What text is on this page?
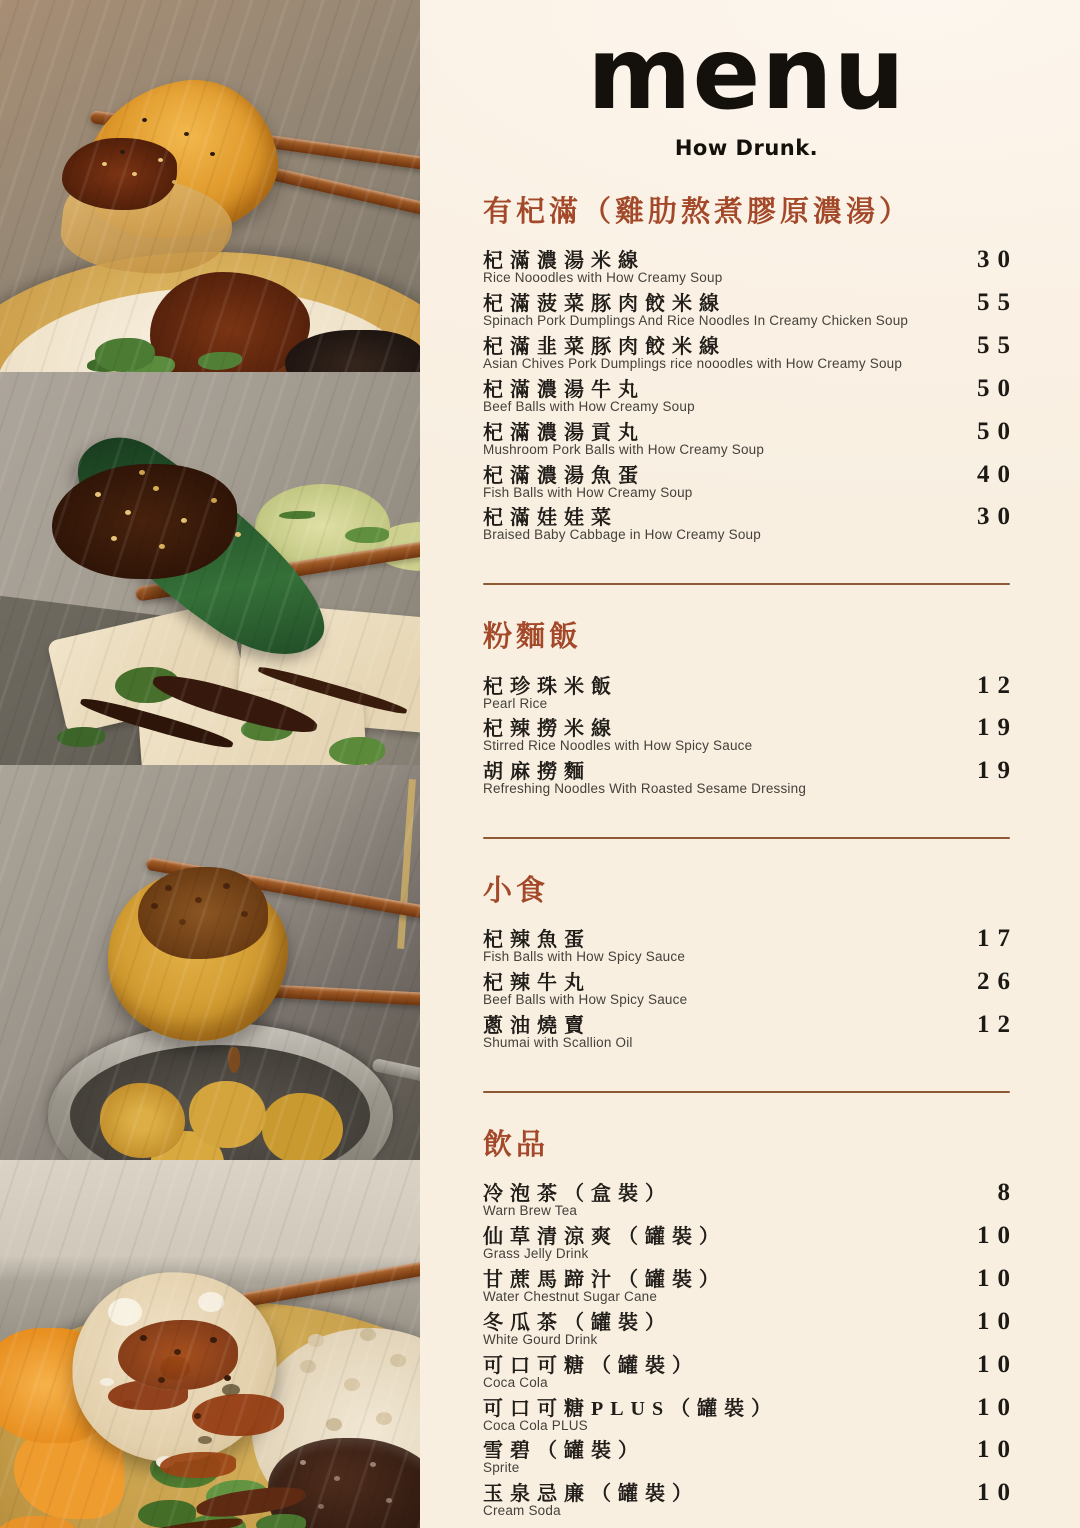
menu
How Drunk.
有杞滿（雞肋熬煮膠原濃湯）
杞滿濃湯米線	30
Rice Nooodles with How Creamy Soup
杞滿菠菜豚肉餃米線	55
Spinach Pork Dumplings And Rice Noodles In Creamy Chicken Soup
杞滿韭菜豚肉餃米線	55
Asian Chives Pork Dumplings rice nooodles with How Creamy Soup
杞滿濃湯牛丸	50
Beef Balls with How Creamy Soup
杞滿濃湯貢丸	50
Mushroom Pork Balls with How Creamy Soup
杞滿濃湯魚蛋	40
Fish Balls with How Creamy Soup
杞滿娃娃菜	30
Braised Baby Cabbage in How Creamy Soup
粉麵飯
杞珍珠米飯	12
Pearl Rice
杞辣撈米線	19
Stirred Rice Noodles with How Spicy Sauce
胡麻撈麵	19
Refreshing Noodles With Roasted Sesame Dressing
小食
杞辣魚蛋	17
Fish Balls with How Spicy Sauce
杞辣牛丸	26
Beef Balls with How Spicy Sauce
蔥油燒賣	12
Shumai with Scallion Oil
飲品
冷泡茶（盒裝）	8
Warn Brew Tea
仙草清涼爽（罐裝）	10
Grass Jelly Drink
甘蔗馬蹄汁（罐裝）	10
Water Chestnut Sugar Cane
冬瓜茶（罐裝）	10
White Gourd Drink
可口可糖（罐裝）	10
Coca Cola
可口可糖PLUS（罐裝）	10
Coca Cola PLUS
雪碧（罐裝）	10
Sprite
玉泉忌廉（罐裝）	10
Cream Soda
